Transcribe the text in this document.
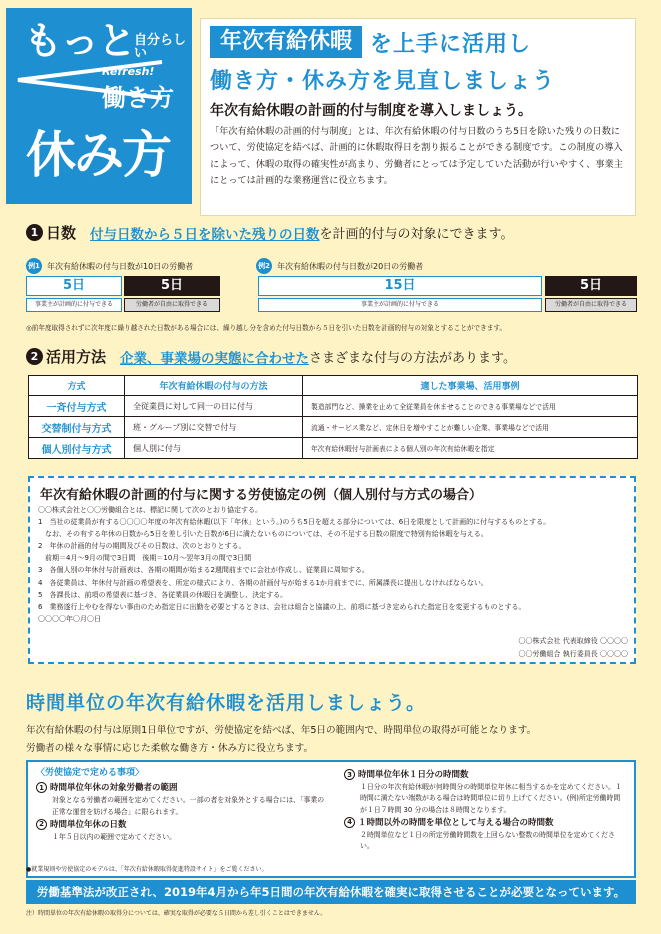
もっと
自分らしい
Refresh!
働き方
休み方
年次有給休暇 を上手に活用し
働き方・休み方を見直しましょう
年次有給休暇の計画的付与制度を導入しましょう。
「年次有給休暇の計画的付与制度」とは、年次有給休暇の付与日数のうち5日を除いた残りの日数について、労使協定を結べば、計画的に休暇取得日を割り振ることができる制度です。この制度の導入によって、休暇の取得の確実性が高まり、労働者にとっては予定していた活動が行いやすく、事業主にとっては計画的な業務運営に役立ちます。
1 日数 付与日数から５日を除いた残りの日数 を計画的付与の対象にできます。
例1 年次有給休暇の付与日数が10日の労働者
5日	5日
事業主が計画的に付与できる	労働者が自由に取得できる
例2 年次有給休暇の付与日数が20日の労働者
15日	5日
事業主が計画的に付与できる	労働者が自由に取得できる
◎前年度取得されずに次年度に繰り越された日数がある場合には、繰り越し分を含めた付与日数から５日を引いた日数を計画的付与の対象とすることができます。
2 活用方法 企業、事業場の実態に合わせた さまざまな付与の方法があります。
方式	年次有給休暇の付与の方法	適した事業場、活用事例
一斉付与方式	全従業員に対して同一の日に付与	製造部門など、操業を止めて全従業員を休ませることのできる事業場などで活用
交替制付与方式	班・グループ別に交替で付与	流通・サービス業など、定休日を増やすことが難しい企業、事業場などで活用
個人別付与方式	個人別に付与	年次有給休暇付与計画表による個人別の年次有給休暇を指定
年次有給休暇の計画的付与に関する労使協定の例（個人別付与方式の場合）
〇〇株式会社と〇〇労働組合とは、標記に関して次のとおり協定する。
1　当社の従業員が有する〇〇〇〇年度の年次有給休暇(以下「年休」という。)のうち5日を超える部分については、6日を限度として計画的に付与するものとする。
　なお、その有する年休の日数から5日を差し引いた日数が6日に満たないものについては、その不足する日数の限度で特別有給休暇を与える。
2　年休の計画的付与の期間及びその日数は、次のとおりとする。
　前期＝4月～9月の間で3日間　後期＝10月～翌年3月の間で3日間
3　各個人別の年休付与計画表は、各期の期間が始まる2週間前までに会社が作成し、従業員に周知する。
4　各従業員は、年休付与計画の希望表を、所定の様式により、各期の計画付与が始まる1か月前までに、所属課長に提出しなければならない。
5　各課長は、前項の希望表に基づき、各従業員の休暇日を調整し、決定する。
6　業務遂行上やむを得ない事由のため指定日に出勤を必要とするときは、会社は組合と協議の上、前項に基づき定められた指定日を変更するものとする。
〇〇〇〇年〇月〇日
〇〇株式会社 代表取締役 〇〇〇〇
〇〇労働組合 執行委員長 〇〇〇〇
時間単位の年次有給休暇を活用しましょう。
年次有給休暇の付与は原則1日単位ですが、労使協定を結べば、年5日の範囲内で、時間単位の取得が可能となります。
労働者の様々な事情に応じた柔軟な働き方・休み方に役立ちます。
〈労使協定で定める事項〉
1 時間単位年休の対象労働者の範囲
対象となる労働者の範囲を定めてください。一部の者を対象外とする場合には、「事業の正常な運営を妨げる場合」に限られます。
2 時間単位年休の日数
１年５日以内の範囲で定めてください。
3 時間単位年休１日分の時間数
１日分の年次有給休暇が何時間分の時間単位年休に相当するかを定めてください。１時間に満たない端数がある場合は時間単位に切り上げてください。(例)所定労働時間が１日７時間 30 分の場合は８時間となります。
4 １時間以外の時間を単位として与える場合の時間数
２時間単位など１日の所定労働時間数を上回らない整数の時間単位を定めてください。
●就業規則や労使協定のモデルは、「年次有給休暇取得促進特設サイト」をご覧ください。
労働基準法が改正され、2019年4月から年5日間の年次有給休暇を確実に取得させることが必要となっています。
注）時間単位の年次有給休暇の取得分については、確実な取得が必要な５日間から差し引くことはできません。
